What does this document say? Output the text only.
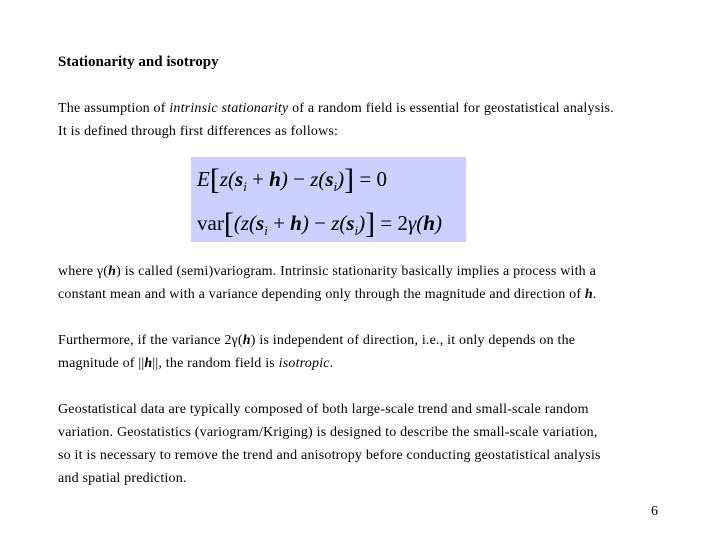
Stationarity and isotropy
The assumption of intrinsic stationarity of a random field is essential for geostatistical analysis.
It is defined through first differences as follows:
$E[z(s_i + h) - z(s_i)] = 0$
$var[(z(s_i + h) - z(s_i)] = 2\gamma(h)$
where γ(h) is called (semi)variogram. Intrinsic stationarity basically implies a process with a
constant mean and with a variance depending only through the magnitude and direction of h.
Furthermore, if the variance 2γ(h) is independent of direction, i.e., it only depends on the
magnitude of ||h||, the random field is isotropic.
Geostatistical data are typically composed of both large-scale trend and small-scale random
variation. Geostatistics (variogram/Kriging) is designed to describe the small-scale variation,
so it is necessary to remove the trend and anisotropy before conducting geostatistical analysis
and spatial prediction.
6
